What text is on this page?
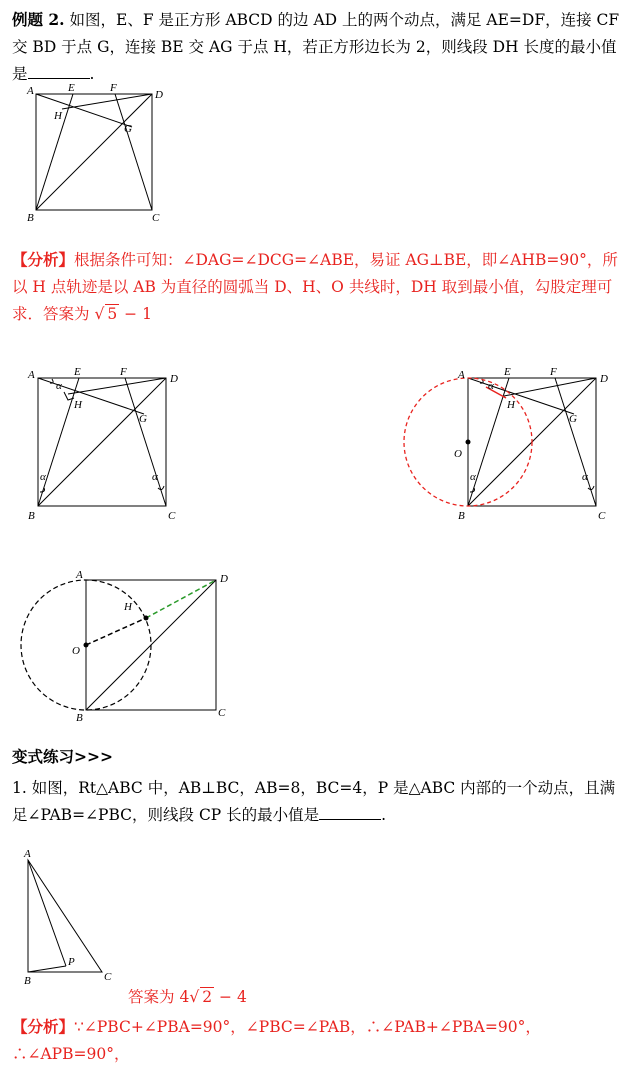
例题 2. 如图，E、F 是正方形 ABCD 的边 AD 上的两个动点，满足 AE=DF，连接 CF 交 BD 于点 G，连接 BE 交 AG 于点 H，若正方形边长为 2，则线段 DH 长度的最小值是	.
A	E	F
D
H
G
B	C
【分析】根据条件可知：∠DAG=∠DCG=∠ABE，易证 AG⊥BE，即∠AHB=90°，所以 H 点轨迹是以 AB 为直径的圆弧当 D、H、O 共线时，DH 取到最小值，勾股定理可求．答案为 √ 5 − 1
A	E	F
D
α
H
G
α	α
B	C
A	E	F
D
α
H
G
O
α	α
B	C
A	D
H
O
B	C
变式练习>>>
1. 如图，Rt△ABC 中，AB⊥BC，AB=8，BC=4，P 是△ABC 内部的一个动点，且满足∠PAB=∠PBC，则线段 CP 长的最小值是	.
A
P
B	C
答案为 4√ 2 − 4
【分析】∵∠PBC+∠PBA=90°，∠PBC=∠PAB，∴∠PAB+∠PBA=90°，∴∠APB=90°，
